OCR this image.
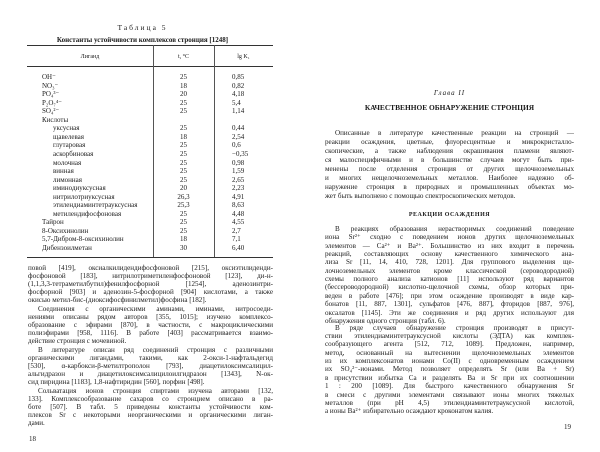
Таблица 5
Константы устойчивости комплексов стронция [1248]
Лиганд	t, °C	lg K₁
OH⁻	25	0,85
NO₃⁻	18	0,82
PO₄³⁻	20	4,18
P₂O₇⁴⁻	25	5,4
SO₄²⁻	25	1,14
Кислоты
уксусная	25	0,44
щавелевая	18	2,54
глутаровая	25	0,6
аскорбиновая	25	−0,35
молочная	25	0,98
винная	25	1,59
лимонная	25	2,65
иминодиуксусная	20	2,23
нитрилотриуксусная	26,3	4,91
этилендиаминтетрауксусная	25,3	8,63
метилендифосфоновая	25	4,48
Тайрон	25	4,55
8-Оксихинолин	25	2,7
5,7-Дибром-8-оксихинолин	18	7,1
Дибензоилметан	30	6,40
повой [419], оксиалкилидендифосфоновой [215], оксиэтилиденди-
фосфоновой [183], нитрилотриметиленфосфоновой [123], ди-н-
(1,1,3,3-тетраметилбутил)фенилфосфорной [1254], аденозинтри-
фосфорной [903] и аденозин-5-фосфорной [904] кислотами, а также
окисью метил-бис-(диоксифосфинилметил)фосфина [182].
Соединения с органическими аминами, иминами, нитросоеди-
нениями описаны рядом авторов [355, 1015]; изучено комплексо-
образование с эфирами [870], в частности, с макроциклическими
полиэфирами [958, 1116]. В работе [403] рассматривается взаимо-
действие стронция с мочевиной.
В литературе описан ряд соединений стронция с различными
органическими лигандами, такими, как 2-окси-1-нафтальдегид
[530], α-карбокси-β-метилтрополон [793], диацетилоксимсалицил-
альгидразон и диацетилоксимсалицилоилгидразон [1343], N-ок-
сид пиридина [1183], 1,8-нафтиридин [560], порфин [498].
Сольватация ионов стронция спиртами изучена авторами [132,
133]. Комплексообразование сахаров со стронцием описано в ра-
боте [507]. В табл. 5 приведены константы устойчивости ком-
плексов Sr с некоторыми неорганическими и органическими лиган-
дами.
18
Глава II
КАЧЕСТВЕННОЕ ОБНАРУЖЕНИЕ СТРОНЦИЯ
Описанные в литературе качественные реакции на стронций —
реакции осаждения, цветные, флуоресцентные и микрокристалло-
скопические, а также наблюдения окрашивания пламени являют-
ся малоспецифичными и в большинстве случаев могут быть при-
менены после отделения стронция от других щелочноземельных
и многих нещелочноземельных металлов. Наиболее надежно об-
наружение стронция в природных и промышленных объектах мо-
жет быть выполнено с помощью спектроскопических методов.
РЕАКЦИИ ОСАЖДЕНИЯ
В реакциях образования нерастворимых соединений поведение
иона Sr²⁺ сходно с поведением ионов других щелочноземельных
элементов — Ca²⁺ и Ba²⁺. Большинство из них входит в перечень
реакций, составляющих основу качественного химического ана-
лиза Sr [11, 14, 410, 728, 1201]. Для группового выделения ще-
лочноземельных элементов кроме классической (сероводородной)
схемы полного анализа катионов [11] используют ряд вариантов
(бессероводородной) кислотно-щелочной схемы, обзор которых при-
веден в работе [476]; при этом осаждение производят в виде кар-
бонатов [11, 887, 1301], сульфатов [476, 887], фторидов [887, 976],
оксалатов [1145]. Эти же соединения и ряд других используют для
обнаружения одного стронция (табл. 6).
В ряде случаев обнаружение стронция производят в присут-
ствии этилендиаминтетрауксусной кислоты (ЭДТА) как комплек-
сообразующего агента [512, 712, 1089]. Предложен, например,
метод, основанный на вытеснении щелочноземельных элементов
из их комплексонатов ионами Co(II) с одновременным осаждением
их SO₄²⁻-ионами. Метод позволяет определять Sr (или Ba + Sr)
в присутствии избытка Ca и разделять Ba и Sr при их соотношении
1 : 200 [1089]. Для быстрого качественного обнаружения Sr
в смеси с другими элементами связывают ионы многих тяжелых
металлов (при pH 4,5) этилендиаминтетрауксусной кислотой,
а ионы Ba²⁺ избирательно осаждают кроконатом калия.
19
